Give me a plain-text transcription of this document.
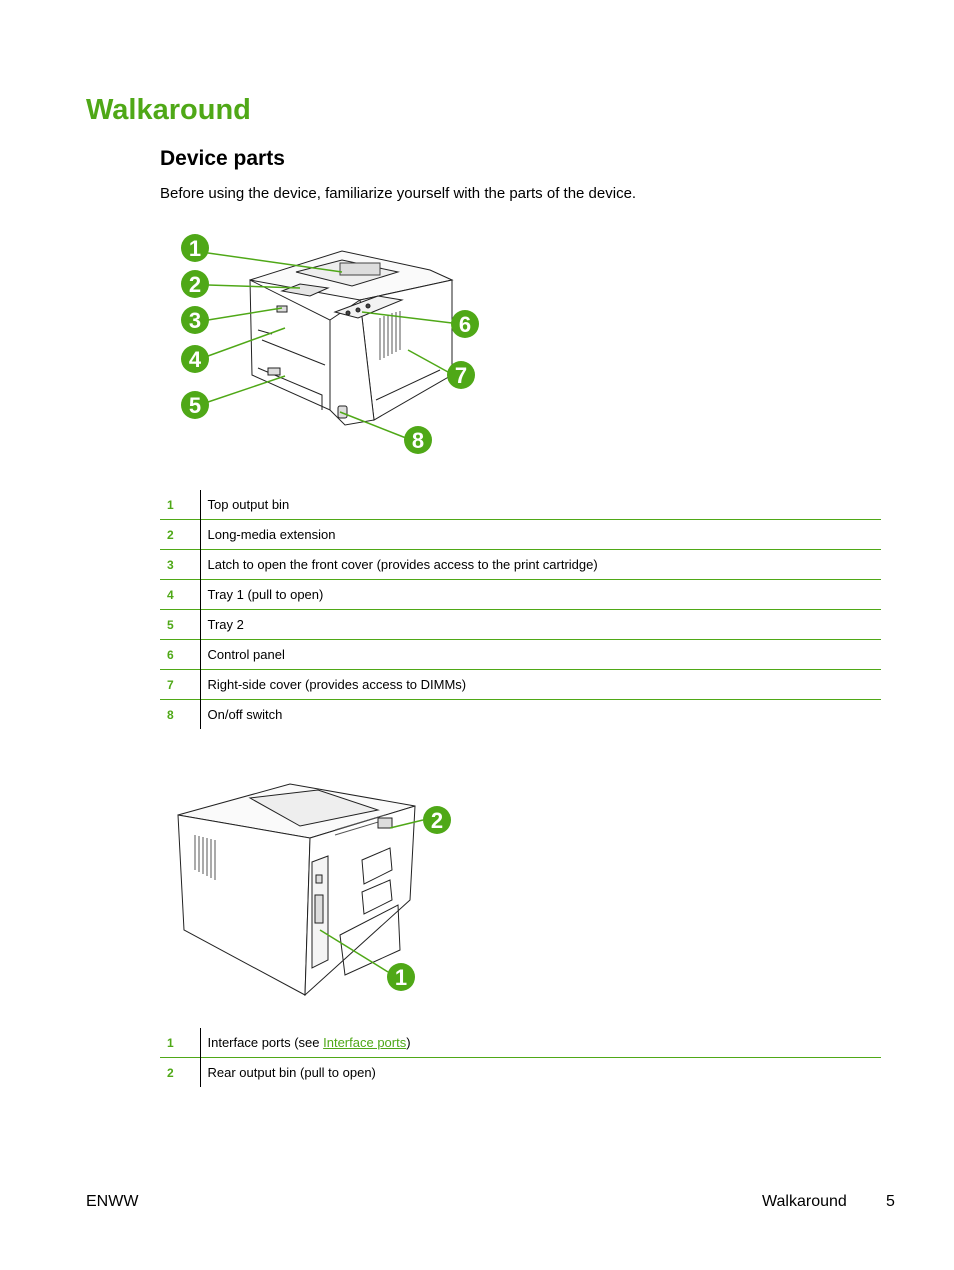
Walkaround
Device parts

Before using the device, familiarize yourself with the parts of the device.

1
2
3
4
5
6
7
8
2
1
1	Top output bin
2	Long-media extension
3	Latch to open the front cover (provides access to the print cartridge)
4	Tray 1 (pull to open)
5	Tray 2
6	Control panel
7	Right-side cover (provides access to DIMMs)
8	On/off switch
1	Interface ports (see Interface ports)
2	Rear output bin (pull to open)
ENWW	Walkaround 5
